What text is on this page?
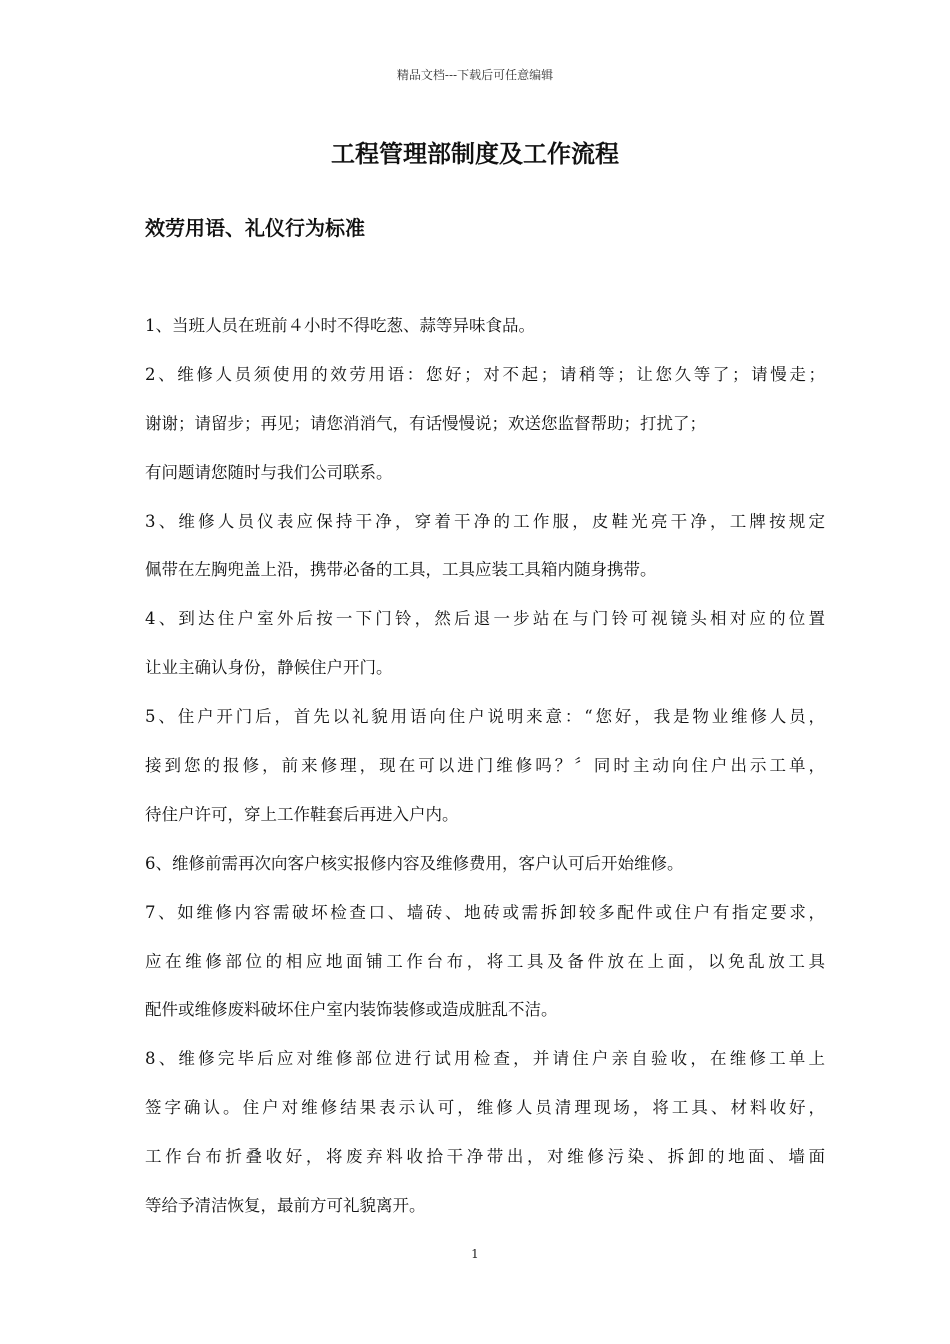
精品文档---下载后可任意编辑
工程管理部制度及工作流程
效劳用语、礼仪行为标准
1、当班人员在班前４小时不得吃葱、蒜等异味食品。
2、维修人员须使用的效劳用语：您好；对不起；请稍等；让您久等了；请慢走；
谢谢；请留步；再见；请您消消气，有话慢慢说；欢送您监督帮助；打扰了；
有问题请您随时与我们公司联系。
3、维修人员仪表应保持干净，穿着干净的工作服，皮鞋光亮干净，工牌按规定
佩带在左胸兜盖上沿，携带必备的工具，工具应装工具箱内随身携带。
4、到达住户室外后按一下门铃，然后退一步站在与门铃可视镜头相对应的位置
让业主确认身份，静候住户开门。
5、住户开门后，首先以礼貌用语向住户说明来意：“您好，我是物业维修人员，
接到您的报修，前来修理，现在可以进门维修吗？〞同时主动向住户出示工单，
待住户许可，穿上工作鞋套后再进入户内。
6、维修前需再次向客户核实报修内容及维修费用，客户认可后开始维修。
7、如维修内容需破坏检查口、墙砖、地砖或需拆卸较多配件或住户有指定要求，
应在维修部位的相应地面铺工作台布，将工具及备件放在上面，以免乱放工具
配件或维修废料破坏住户室内装饰装修或造成脏乱不洁。
8、维修完毕后应对维修部位进行试用检查，并请住户亲自验收，在维修工单上
签字确认。住户对维修结果表示认可，维修人员清理现场，将工具、材料收好，
工作台布折叠收好，将废弃料收拾干净带出，对维修污染、拆卸的地面、墙面
等给予清洁恢复，最前方可礼貌离开。
1
